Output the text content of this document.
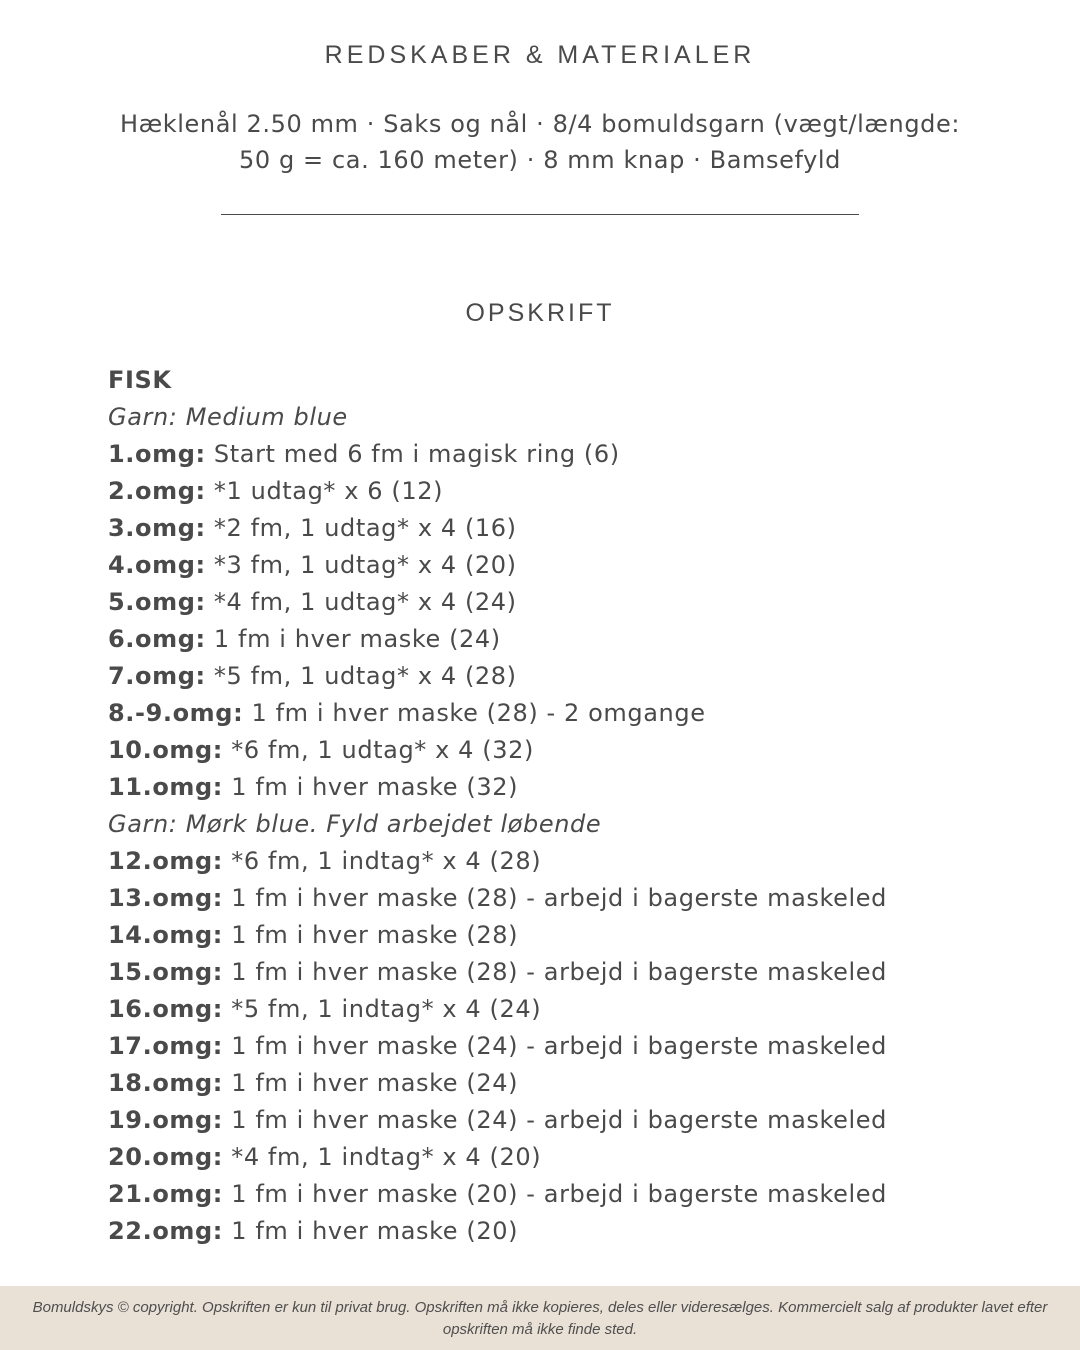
REDSKABER & MATERIALER
Hæklenål 2.50 mm · Saks og nål · 8/4 bomuldsgarn (vægt/længde:
50 g = ca. 160 meter) · 8 mm knap · Bamsefyld
OPSKRIFT
FISK
Garn: Medium blue
1.omg: Start med 6 fm i magisk ring (6)
2.omg: *1 udtag* x 6 (12)
3.omg: *2 fm, 1 udtag* x 4 (16)
4.omg: *3 fm, 1 udtag* x 4 (20)
5.omg: *4 fm, 1 udtag* x 4 (24)
6.omg: 1 fm i hver maske (24)
7.omg: *5 fm, 1 udtag* x 4 (28)
8.-9.omg: 1 fm i hver maske (28) - 2 omgange
10.omg: *6 fm, 1 udtag* x 4 (32)
11.omg: 1 fm i hver maske (32)
Garn: Mørk blue. Fyld arbejdet løbende
12.omg: *6 fm, 1 indtag* x 4 (28)
13.omg: 1 fm i hver maske (28) - arbejd i bagerste maskeled
14.omg: 1 fm i hver maske (28)
15.omg: 1 fm i hver maske (28) - arbejd i bagerste maskeled
16.omg: *5 fm, 1 indtag* x 4 (24)
17.omg: 1 fm i hver maske (24) - arbejd i bagerste maskeled
18.omg: 1 fm i hver maske (24)
19.omg: 1 fm i hver maske (24) - arbejd i bagerste maskeled
20.omg: *4 fm, 1 indtag* x 4 (20)
21.omg: 1 fm i hver maske (20) - arbejd i bagerste maskeled
22.omg: 1 fm i hver maske (20)
Bomuldskys © copyright. Opskriften er kun til privat brug. Opskriften må ikke kopieres, deles eller videresælges. Kommercielt salg af produkter lavet efter opskriften må ikke finde sted.
